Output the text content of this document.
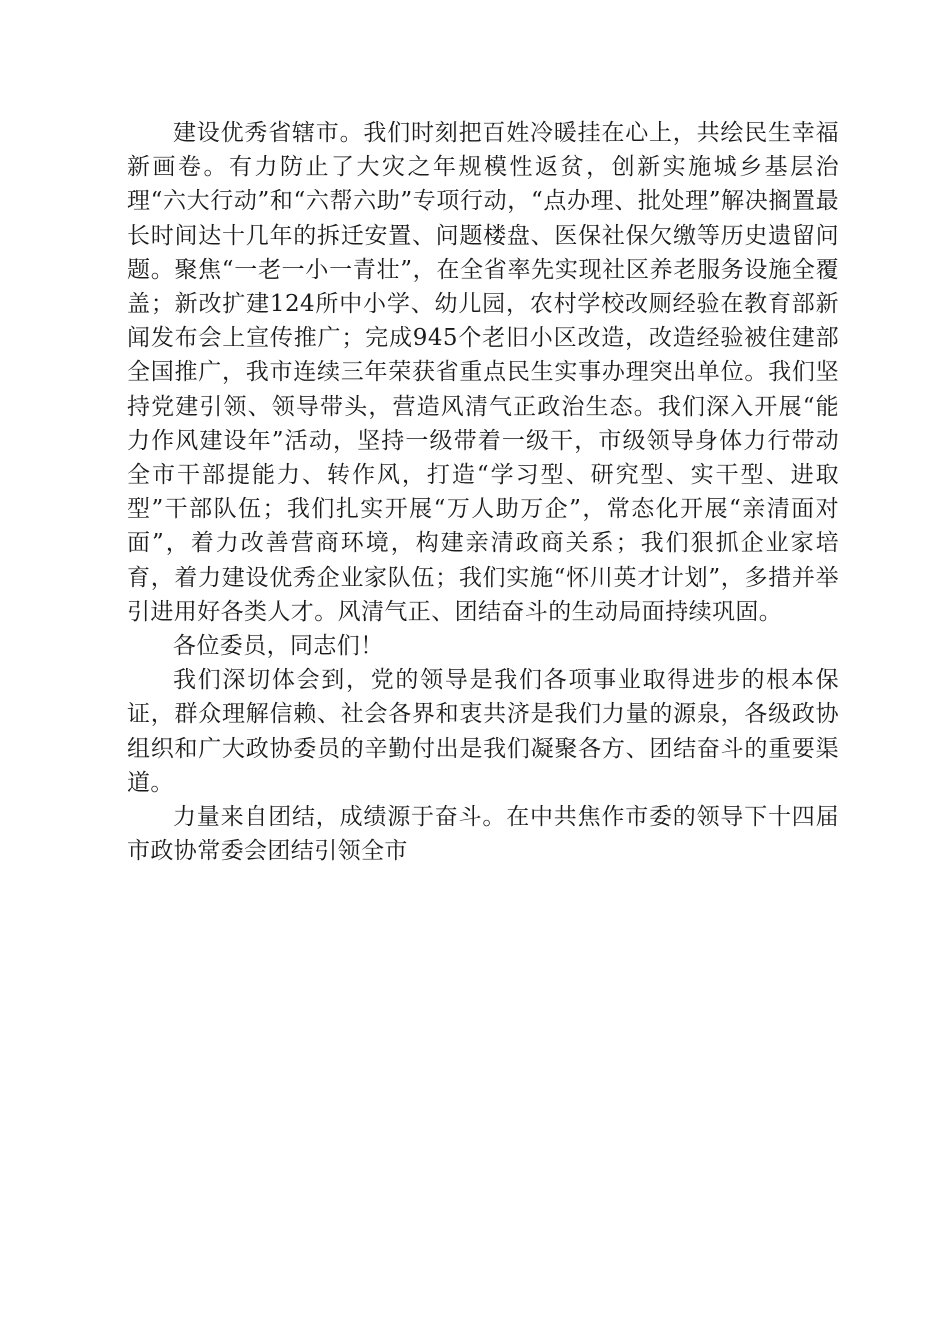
建设优秀省辖市。我们时刻把百姓冷暖挂在心上，共绘民生幸福新画卷。有力防止了大灾之年规模性返贫，创新实施城乡基层治理“六大行动”和“六帮六助”专项行动，“点办理、批处理”解决搁置最长时间达十几年的拆迁安置、问题楼盘、医保社保欠缴等历史遗留问题。聚焦“一老一小一青壮”，在全省率先实现社区养老服务设施全覆盖；新改扩建124所中小学、幼儿园，农村学校改厕经验在教育部新闻发布会上宣传推广；完成945个老旧小区改造，改造经验被住建部全国推广，我市连续三年荣获省重点民生实事办理突出单位。我们坚持党建引领、领导带头，营造风清气正政治生态。我们深入开展“能力作风建设年”活动，坚持一级带着一级干，市级领导身体力行带动全市干部提能力、转作风，打造“学习型、研究型、实干型、进取型”干部队伍；我们扎实开展“万人助万企”，常态化开展“亲清面对面”，着力改善营商环境，构建亲清政商关系；我们狠抓企业家培育，着力建设优秀企业家队伍；我们实施“怀川英才计划”，多措并举引进用好各类人才。风清气正、团结奋斗的生动局面持续巩固。

各位委员，同志们！

我们深切体会到，党的领导是我们各项事业取得进步的根本保证，群众理解信赖、社会各界和衷共济是我们力量的源泉，各级政协组织和广大政协委员的辛勤付出是我们凝聚各方、团结奋斗的重要渠道。

力量来自团结，成绩源于奋斗。在中共焦作市委的领导下十四届市政协常委会团结引领全市
